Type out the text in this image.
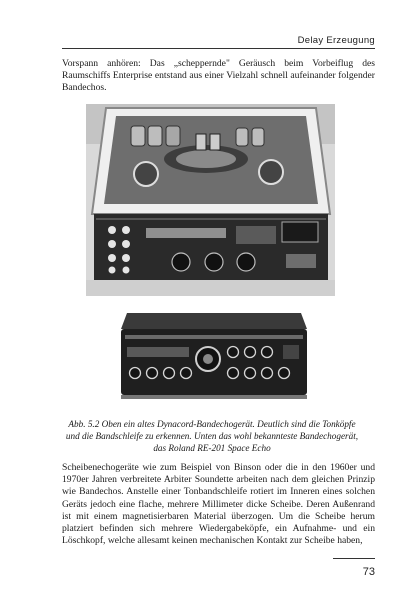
Delay Erzeugung

Vorspann anhören: Das „scheppernde" Geräusch beim Vorbeiflug des Raumschiffs Enterprise entstand aus einer Vielzahl schnell aufeinander folgender Bandechos.

Abb. 5.2 Oben ein altes Dynacord-Bandechogerät. Deutlich sind die Tonköpfe und die Bandschleife zu erkennen. Unten das wohl bekannteste Bandechogerät, das Roland RE-201 Space Echo

Scheibenechogeräte wie zum Beispiel von Binson oder die in den 1960er und 1970er Jahren verbreitete Arbiter Soundette arbeiten nach dem gleichen Prinzip wie Bandechos. Anstelle einer Tonbandschleife rotiert im Inneren eines solchen Geräts jedoch eine flache, mehrere Millimeter dicke Scheibe. Deren Außenrand ist mit einem magnetisierbaren Material überzogen. Um die Scheibe herum platziert befinden sich mehrere Wiedergabeköpfe, ein Aufnahme- und ein Löschkopf, welche allesamt keinen mechanischen Kontakt zur Scheibe haben,

73
